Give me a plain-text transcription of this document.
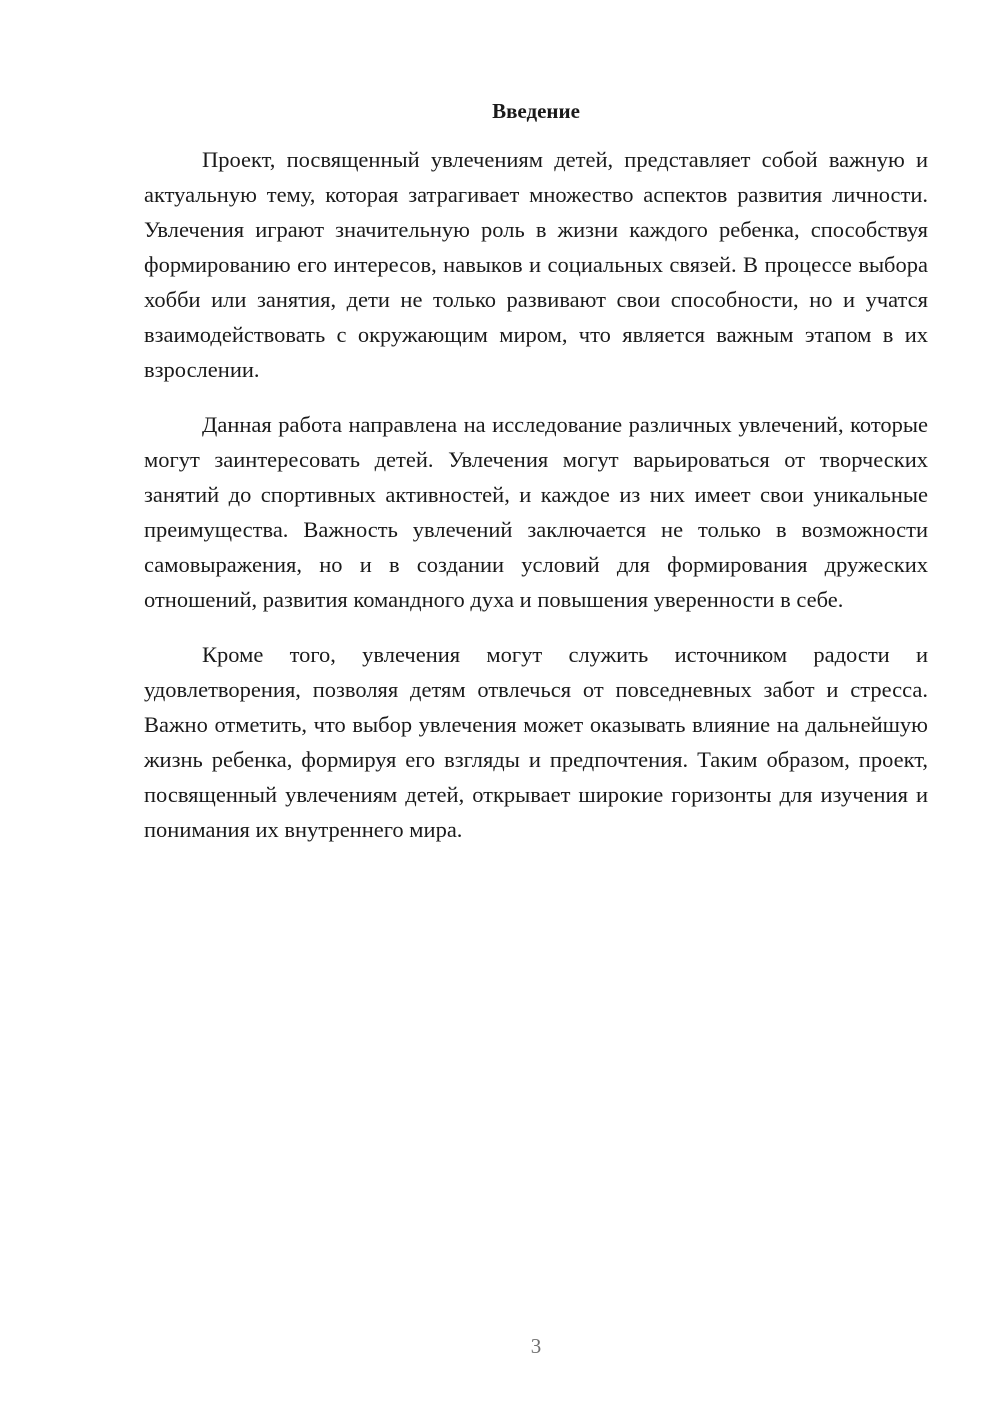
Введение

Проект, посвященный увлечениям детей, представляет собой важную и актуальную тему, которая затрагивает множество аспектов развития личности. Увлечения играют значительную роль в жизни каждого ребенка, способствуя формированию его интересов, навыков и социальных связей. В процессе выбора хобби или занятия, дети не только развивают свои способности, но и учатся взаимодействовать с окружающим миром, что является важным этапом в их взрослении.

Данная работа направлена на исследование различных увлечений, которые могут заинтересовать детей. Увлечения могут варьироваться от творческих занятий до спортивных активностей, и каждое из них имеет свои уникальные преимущества. Важность увлечений заключается не только в возможности самовыражения, но и в создании условий для формирования дружеских отношений, развития командного духа и повышения уверенности в себе.

Кроме того, увлечения могут служить источником радости и удовлетворения, позволяя детям отвлечься от повседневных забот и стресса. Важно отметить, что выбор увлечения может оказывать влияние на дальнейшую жизнь ребенка, формируя его взгляды и предпочтения. Таким образом, проект, посвященный увлечениям детей, открывает широкие горизонты для изучения и понимания их внутреннего мира.

3
